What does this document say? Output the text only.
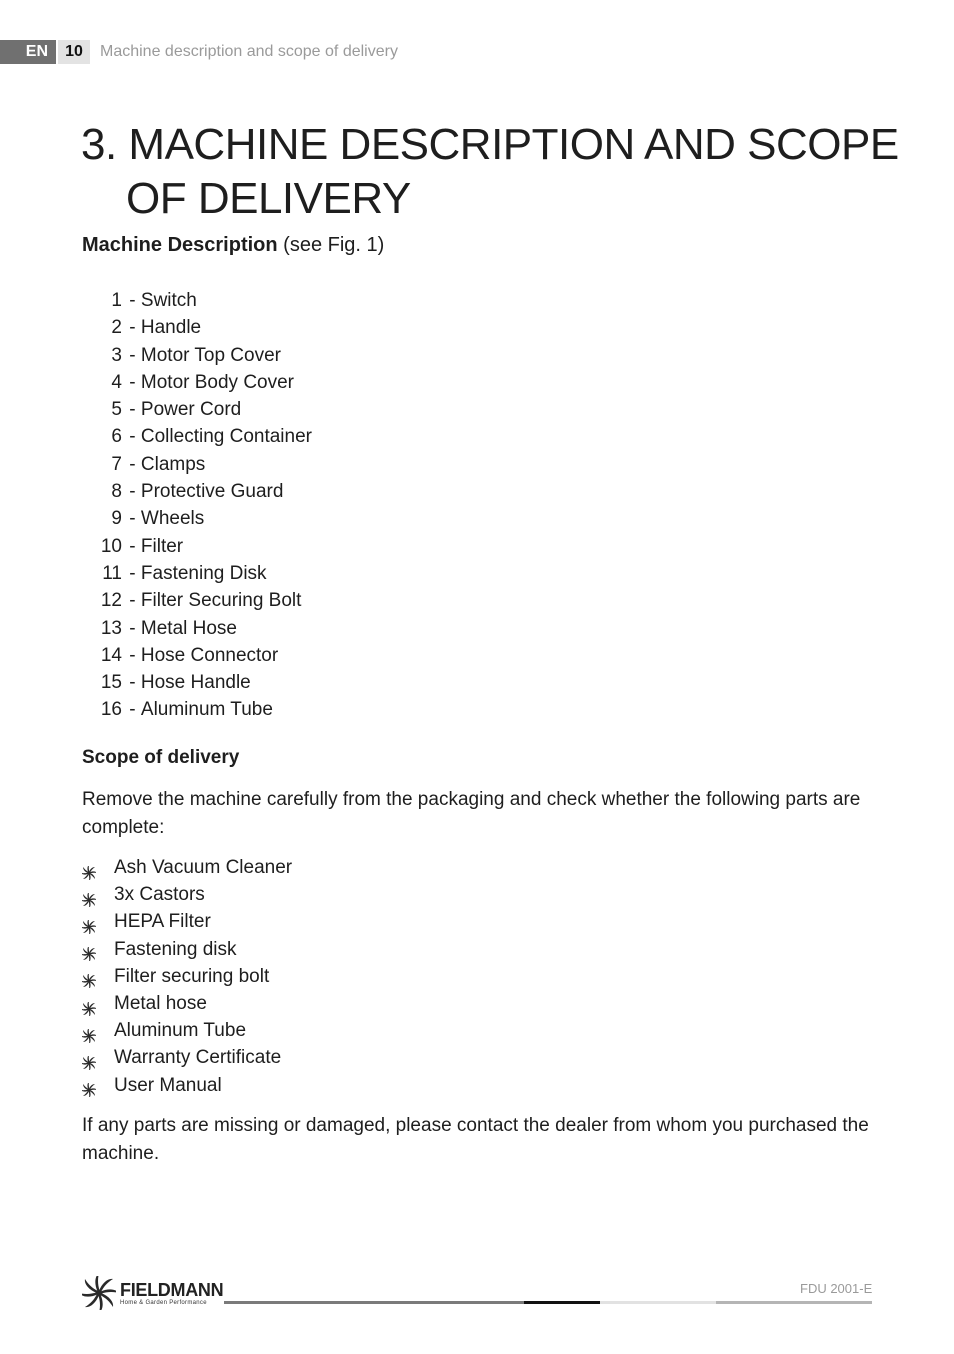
EN	10	Machine description and scope of delivery
3. MACHINE DESCRIPTION AND SCOPE
OF DELIVERY
Machine Description (see Fig. 1)
1 - Switch
2 - Handle
3 - Motor Top Cover
4 - Motor Body Cover
5 - Power Cord
6 - Collecting Container
7 - Clamps
8 - Protective Guard
9 - Wheels
10 - Filter
11 - Fastening Disk
12 - Filter Securing Bolt
13 - Metal Hose
14 - Hose Connector
15 - Hose Handle
16 - Aluminum Tube
Scope of delivery

Remove the machine carefully from the packaging and check whether the following parts are complete:

Ash Vacuum Cleaner
3x Castors
HEPA Filter
Fastening disk
Filter securing bolt
Metal hose
Aluminum Tube
Warranty Certificate
User Manual

If any parts are missing or damaged, please contact the dealer from whom you purchased the machine.

FIELDMANN
Home & Garden Performance
FDU 2001-E
